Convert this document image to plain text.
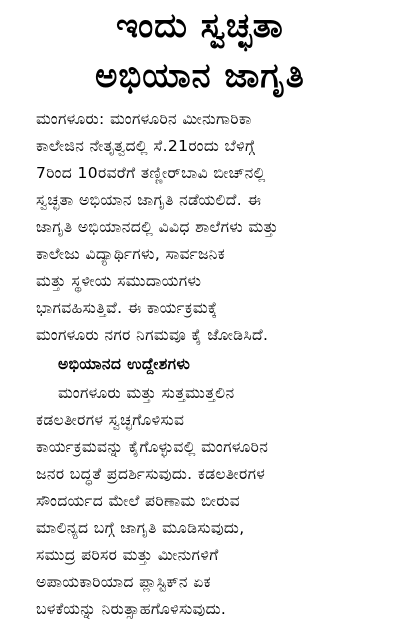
ಇಂದು ಸ್ವಚ್ಛತಾ
ಅಭಿಯಾನ ಜಾಗೃತಿ
ಮಂಗಳೂರು: ಮಂಗಳೂರಿನ ಮೀನುಗಾರಿಕಾ
ಕಾಲೇಜಿನ ನೇತೃತ್ವದಲ್ಲಿ ಸೆ.21ರಂದು ಬೆಳಿಗ್ಗೆ
7ರಿಂದ 10ರವರೆಗೆ ತಣ್ಣೀರ್‌ಬಾವಿ ಬೀಚ್‌ನಲ್ಲಿ
ಸ್ವಚ್ಛತಾ ಅಭಿಯಾನ ಜಾಗೃತಿ ನಡೆಯಲಿದೆ. ಈ
ಜಾಗೃತಿ ಅಭಿಯಾನದಲ್ಲಿ ವಿವಿಧ ಶಾಲೆಗಳು ಮತ್ತು
ಕಾಲೇಜು ವಿದ್ಯಾರ್ಥಿಗಳು, ಸಾರ್ವಜನಿಕ
ಮತ್ತು ಸ್ಥಳೀಯ ಸಮುದಾಯಗಳು
ಭಾಗವಹಿಸುತ್ತಿವೆ. ಈ ಕಾರ್ಯಕ್ರಮಕ್ಕೆ
ಮಂಗಳೂರು ನಗರ ನಿಗಮವೂ ಕೈ ಜೋಡಿಸಿದೆ.
ಅಭಿಯಾನದ ಉದ್ದೇಶಗಳು
ಮಂಗಳೂರು ಮತ್ತು ಸುತ್ತಮುತ್ತಲಿನ
ಕಡಲತೀರಗಳ ಸ್ವಚ್ಛಗೊಳಿಸುವ
ಕಾರ್ಯಕ್ರಮವನ್ನು ಕೈಗೊಳ್ಳುವಲ್ಲಿ ಮಂಗಳೂರಿನ
ಜನರ ಬದ್ಧತೆ ಪ್ರದರ್ಶಿಸುವುದು. ಕಡಲತೀರಗಳ
ಸೌಂದರ್ಯದ ಮೇಲೆ ಪರಿಣಾಮ ಬೀರುವ
ಮಾಲಿನ್ಯದ ಬಗ್ಗೆ ಜಾಗೃತಿ ಮೂಡಿಸುವುದು,
ಸಮುದ್ರ ಪರಿಸರ ಮತ್ತು ಮೀನುಗಳಿಗೆ
ಅಪಾಯಕಾರಿಯಾದ ಪ್ಲಾಸ್ಟಿಕ್‌ನ ಏಕ
ಬಳಕೆಯನ್ನು ನಿರುತ್ಸಾಹಗೊಳಿಸುವುದು.
